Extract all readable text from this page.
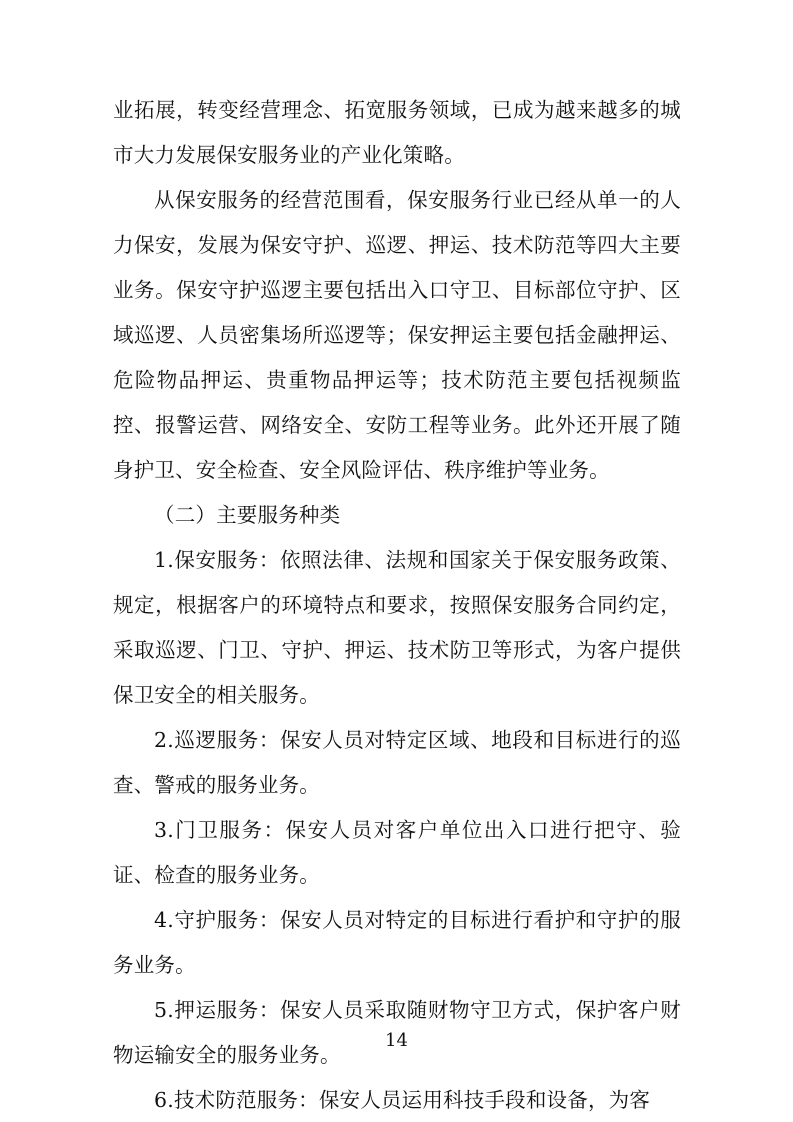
业拓展，转变经营理念、拓宽服务领域，已成为越来越多的城市大力发展保安服务业的产业化策略。

从保安服务的经营范围看，保安服务行业已经从单一的人力保安，发展为保安守护、巡逻、押运、技术防范等四大主要业务。保安守护巡逻主要包括出入口守卫、目标部位守护、区域巡逻、人员密集场所巡逻等；保安押运主要包括金融押运、危险物品押运、贵重物品押运等；技术防范主要包括视频监控、报警运营、网络安全、安防工程等业务。此外还开展了随身护卫、安全检查、安全风险评估、秩序维护等业务。

（二）主要服务种类

1.保安服务：依照法律、法规和国家关于保安服务政策、规定，根据客户的环境特点和要求，按照保安服务合同约定，采取巡逻、门卫、守护、押运、技术防卫等形式，为客户提供保卫安全的相关服务。

2.巡逻服务：保安人员对特定区域、地段和目标进行的巡查、警戒的服务业务。

3.门卫服务：保安人员对客户单位出入口进行把守、验证、检查的服务业务。

4.守护服务：保安人员对特定的目标进行看护和守护的服务业务。

5.押运服务：保安人员采取随财物守卫方式，保护客户财物运输安全的服务业务。

6.技术防范服务：保安人员运用科技手段和设备，为客

14
